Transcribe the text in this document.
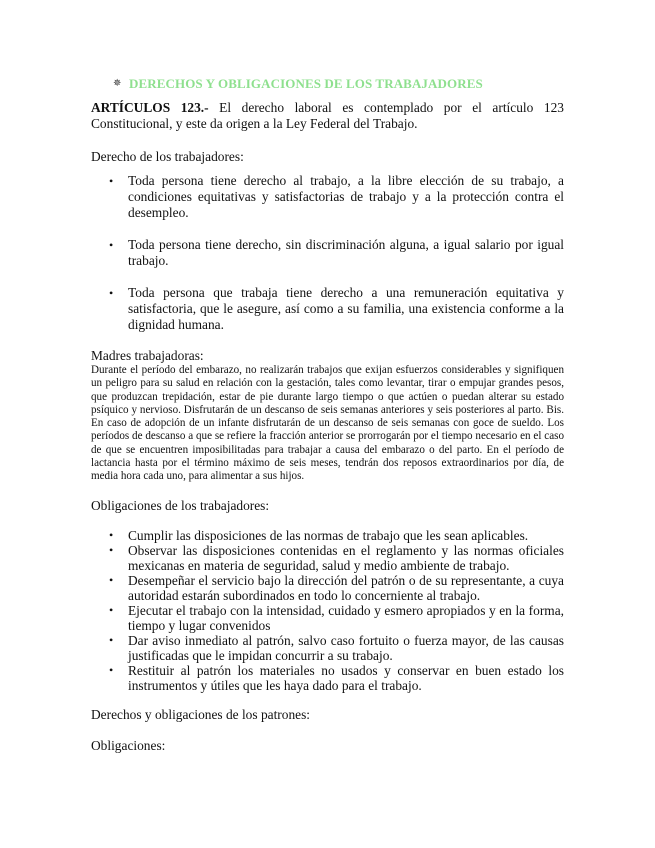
✵ DERECHOS Y OBLIGACIONES DE LOS TRABAJADORES

ARTÍCULOS 123.- El derecho laboral es contemplado por el artículo 123 Constitucional, y este da origen a la Ley Federal del Trabajo.

Derecho de los trabajadores:
• Toda persona tiene derecho al trabajo, a la libre elección de su trabajo, a condiciones equitativas y satisfactorias de trabajo y a la protección contra el desempleo.
• Toda persona tiene derecho, sin discriminación alguna, a igual salario por igual trabajo.
• Toda persona que trabaja tiene derecho a una remuneración equitativa y satisfactoria, que le asegure, así como a su familia, una existencia conforme a la dignidad humana.
Madres trabajadoras:

Durante el período del embarazo, no realizarán trabajos que exijan esfuerzos considerables y signifiquen un peligro para su salud en relación con la gestación, tales como levantar, tirar o empujar grandes pesos, que produzcan trepidación, estar de pie durante largo tiempo o que actúen o puedan alterar su estado psíquico y nervioso. Disfrutarán de un descanso de seis semanas anteriores y seis posteriores al parto. Bis. En caso de adopción de un infante disfrutarán de un descanso de seis semanas con goce de sueldo. Los períodos de descanso a que se refiere la fracción anterior se prorrogarán por el tiempo necesario en el caso de que se encuentren imposibilitadas para trabajar a causa del embarazo o del parto. En el período de lactancia hasta por el término máximo de seis meses, tendrán dos reposos extraordinarios por día, de media hora cada uno, para alimentar a sus hijos.

Obligaciones de los trabajadores:
• Cumplir las disposiciones de las normas de trabajo que les sean aplicables.
• Observar las disposiciones contenidas en el reglamento y las normas oficiales mexicanas en materia de seguridad, salud y medio ambiente de trabajo.
• Desempeñar el servicio bajo la dirección del patrón o de su representante, a cuya autoridad estarán subordinados en todo lo concerniente al trabajo.
• Ejecutar el trabajo con la intensidad, cuidado y esmero apropiados y en la forma, tiempo y lugar convenidos
• Dar aviso inmediato al patrón, salvo caso fortuito o fuerza mayor, de las causas justificadas que le impidan concurrir a su trabajo.
• Restituir al patrón los materiales no usados y conservar en buen estado los instrumentos y útiles que les haya dado para el trabajo.
Derechos y obligaciones de los patrones:
Obligaciones:
